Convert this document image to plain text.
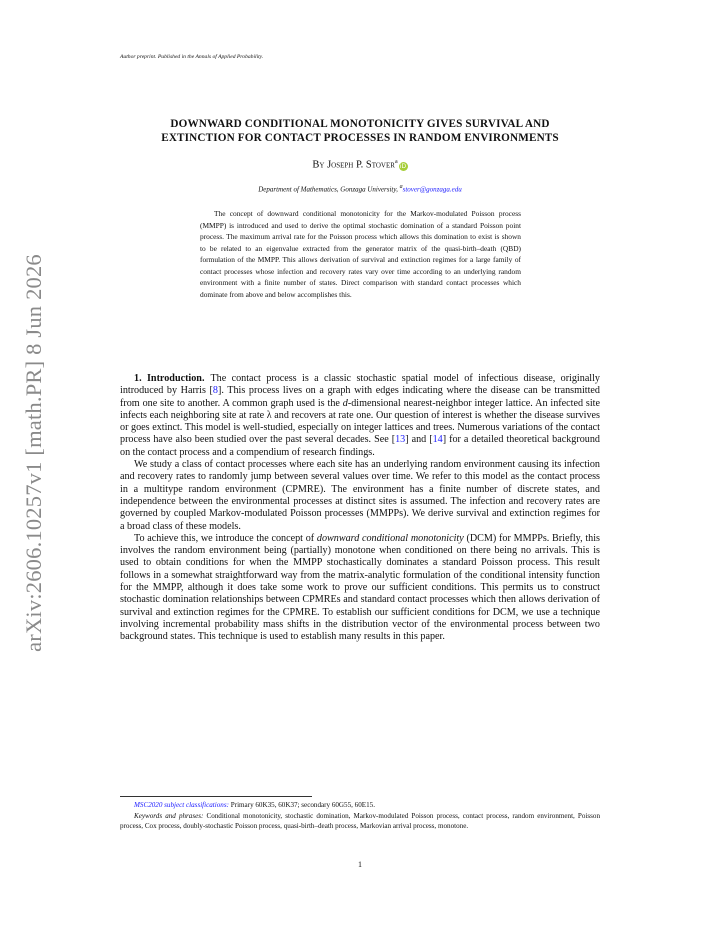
arXiv:2606.10257v1 [math.PR] 8 Jun 2026
Author preprint. Published in the Annals of Applied Probability.
DOWNWARD CONDITIONAL MONOTONICITY GIVES SURVIVAL AND
EXTINCTION FOR CONTACT PROCESSES IN RANDOM ENVIRONMENTS
By Joseph P. Stover$^a$iD
Department of Mathematics, Gonzaga University, $^a$stover@gonzaga.edu

The concept of downward conditional monotonicity for the Markov-modulated Poisson process (MMPP) is introduced and used to derive the optimal stochastic domination of a standard Poisson point process. The maximum arrival rate for the Poisson process which allows this domination to exist is shown to be related to an eigenvalue extracted from the generator matrix of the quasi-birth–death (QBD) formulation of the MMPP. This allows derivation of survival and extinction regimes for a large family of contact processes whose infection and recovery rates vary over time according to an underlying random environment with a finite number of states. Direct comparison with standard contact processes which dominate from above and below accomplishes this.

1. Introduction. The contact process is a classic stochastic spatial model of infectious disease, originally introduced by Harris [8]. This process lives on a graph with edges indicating where the disease can be transmitted from one site to another. A common graph used is the d-dimensional nearest-neighbor integer lattice. An infected site infects each neighboring site at rate λ and recovers at rate one. Our question of interest is whether the disease survives or goes extinct. This model is well-studied, especially on integer lattices and trees. Numerous variations of the contact process have also been studied over the past several decades. See [13] and [14] for a detailed theoretical background on the contact process and a compendium of research findings.

We study a class of contact processes where each site has an underlying random environment causing its infection and recovery rates to randomly jump between several values over time. We refer to this model as the contact process in a multitype random environment (CPMRE). The environment has a finite number of discrete states, and independence between the environmental processes at distinct sites is assumed. The infection and recovery rates are governed by coupled Markov-modulated Poisson processes (MMPPs). We derive survival and extinction regimes for a broad class of these models.

To achieve this, we introduce the concept of downward conditional monotonicity (DCM) for MMPPs. Briefly, this involves the random environment being (partially) monotone when conditioned on there being no arrivals. This is used to obtain conditions for when the MMPP stochastically dominates a standard Poisson process. This result follows in a somewhat straightforward way from the matrix-analytic formulation of the conditional intensity function for the MMPP, although it does take some work to prove our sufficient conditions. This permits us to construct stochastic domination relationships between CPMREs and standard contact processes which then allows derivation of survival and extinction regimes for the CPMRE. To establish our sufficient conditions for DCM, we use a technique involving incremental probability mass shifts in the distribution vector of the environmental process between two background states. This technique is used to establish many results in this paper.

MSC2020 subject classifications: Primary 60K35, 60K37; secondary 60G55, 60E15.

Keywords and phrases: Conditional monotonicity, stochastic domination, Markov-modulated Poisson process, contact process, random environment, Poisson process, Cox process, doubly-stochastic Poisson process, quasi-birth–death process, Markovian arrival process, monotone.

1
